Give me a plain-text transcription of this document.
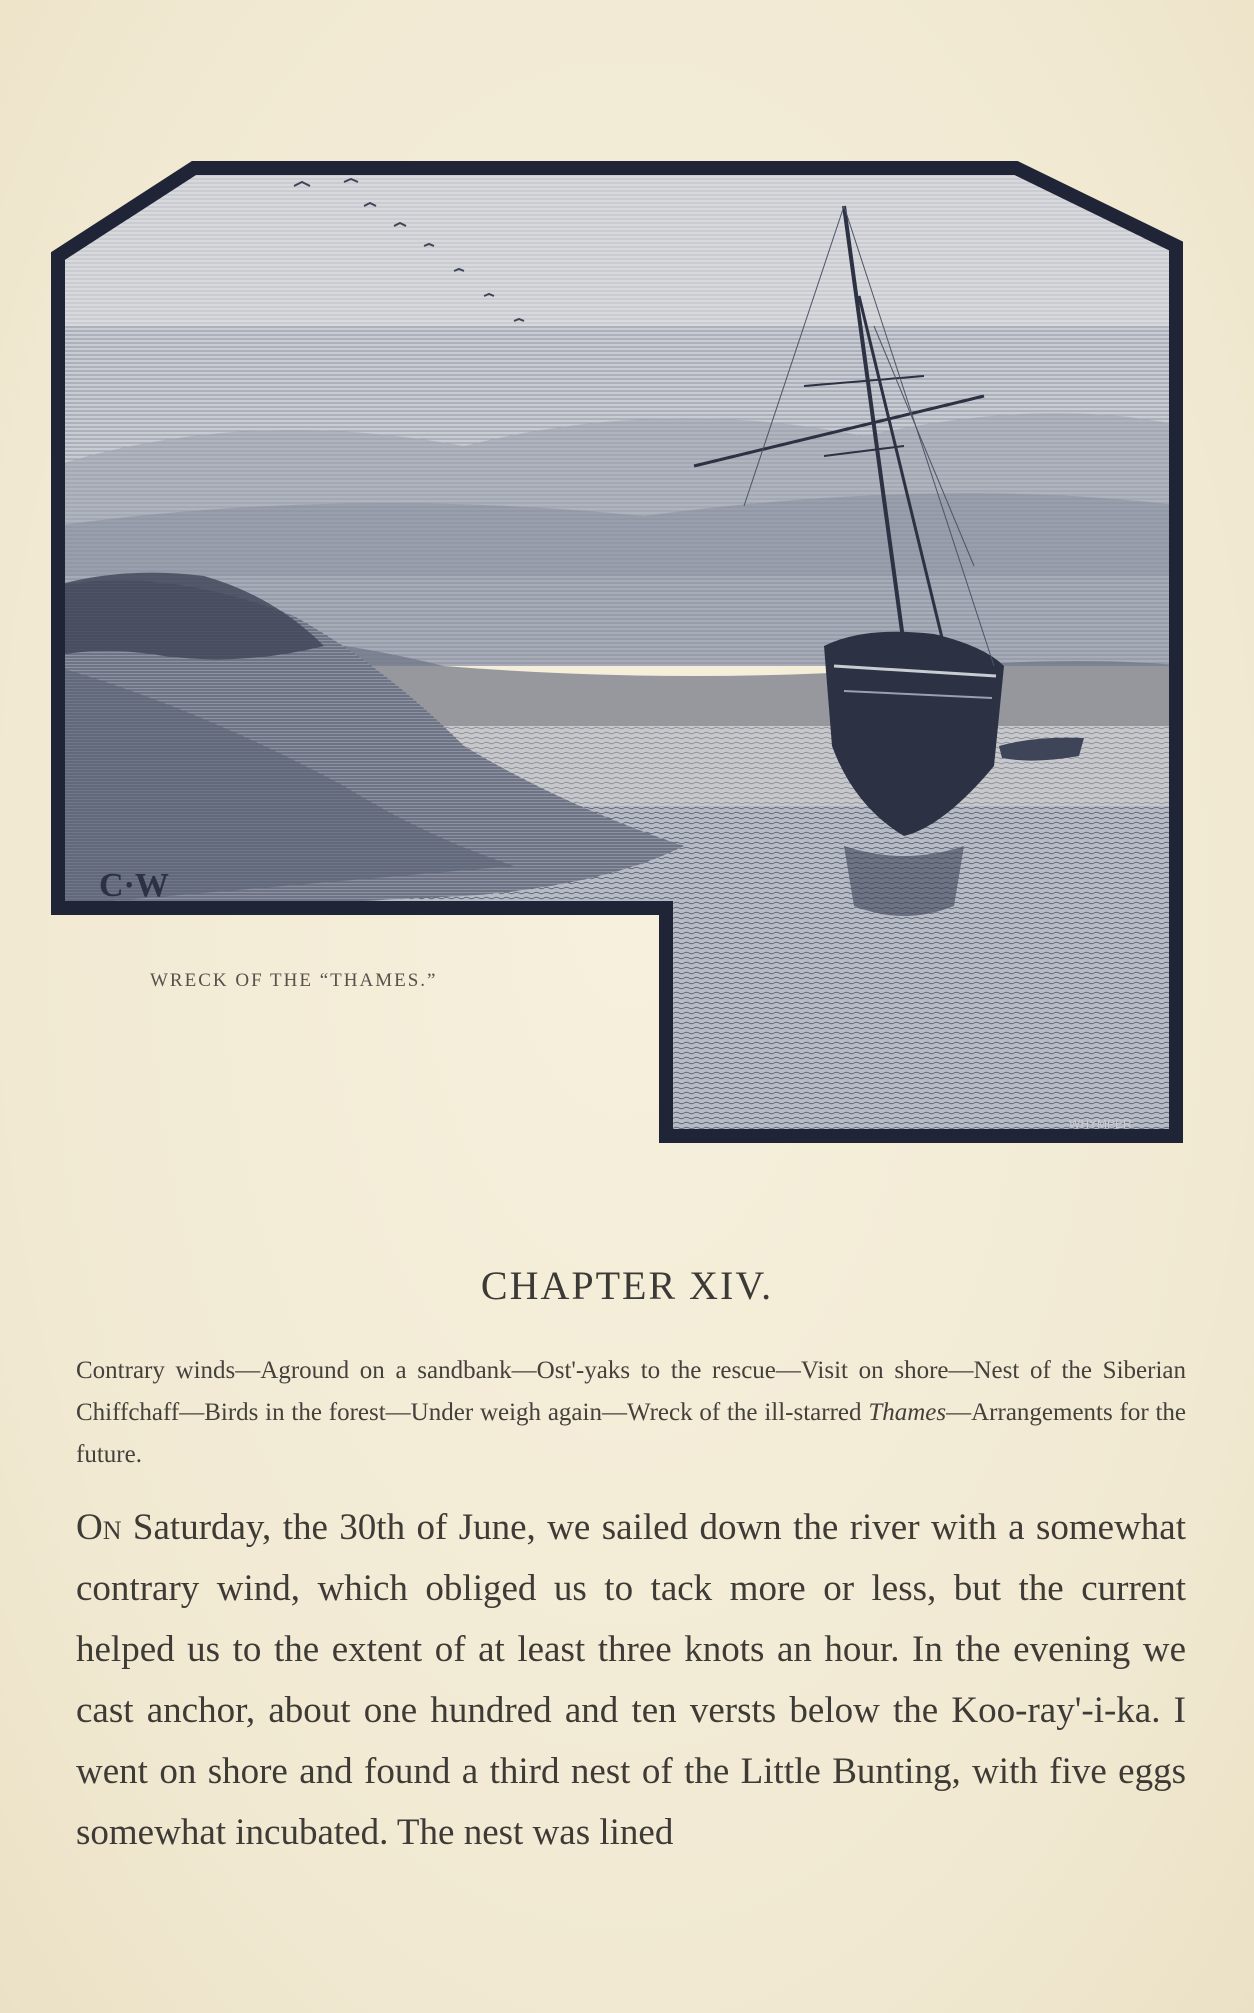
C·W
WHYMPER
WRECK OF THE “THAMES.”
CHAPTER XIV.
Contrary winds—Aground on a sandbank—Ost'-yaks to the rescue—Visit on shore—Nest of the Siberian Chiffchaff—Birds in the forest—Under weigh again—Wreck of the ill-starred Thames—Arrangements for the future.
On Saturday, the 30th of June, we sailed down the river with a somewhat contrary wind, which obliged us to tack more or less, but the current helped us to the extent of at least three knots an hour. In the evening we cast anchor, about one hundred and ten versts below the Koo-ray'-i-ka. I went on shore and found a third nest of the Little Bunting, with five eggs somewhat incubated. The nest was lined
